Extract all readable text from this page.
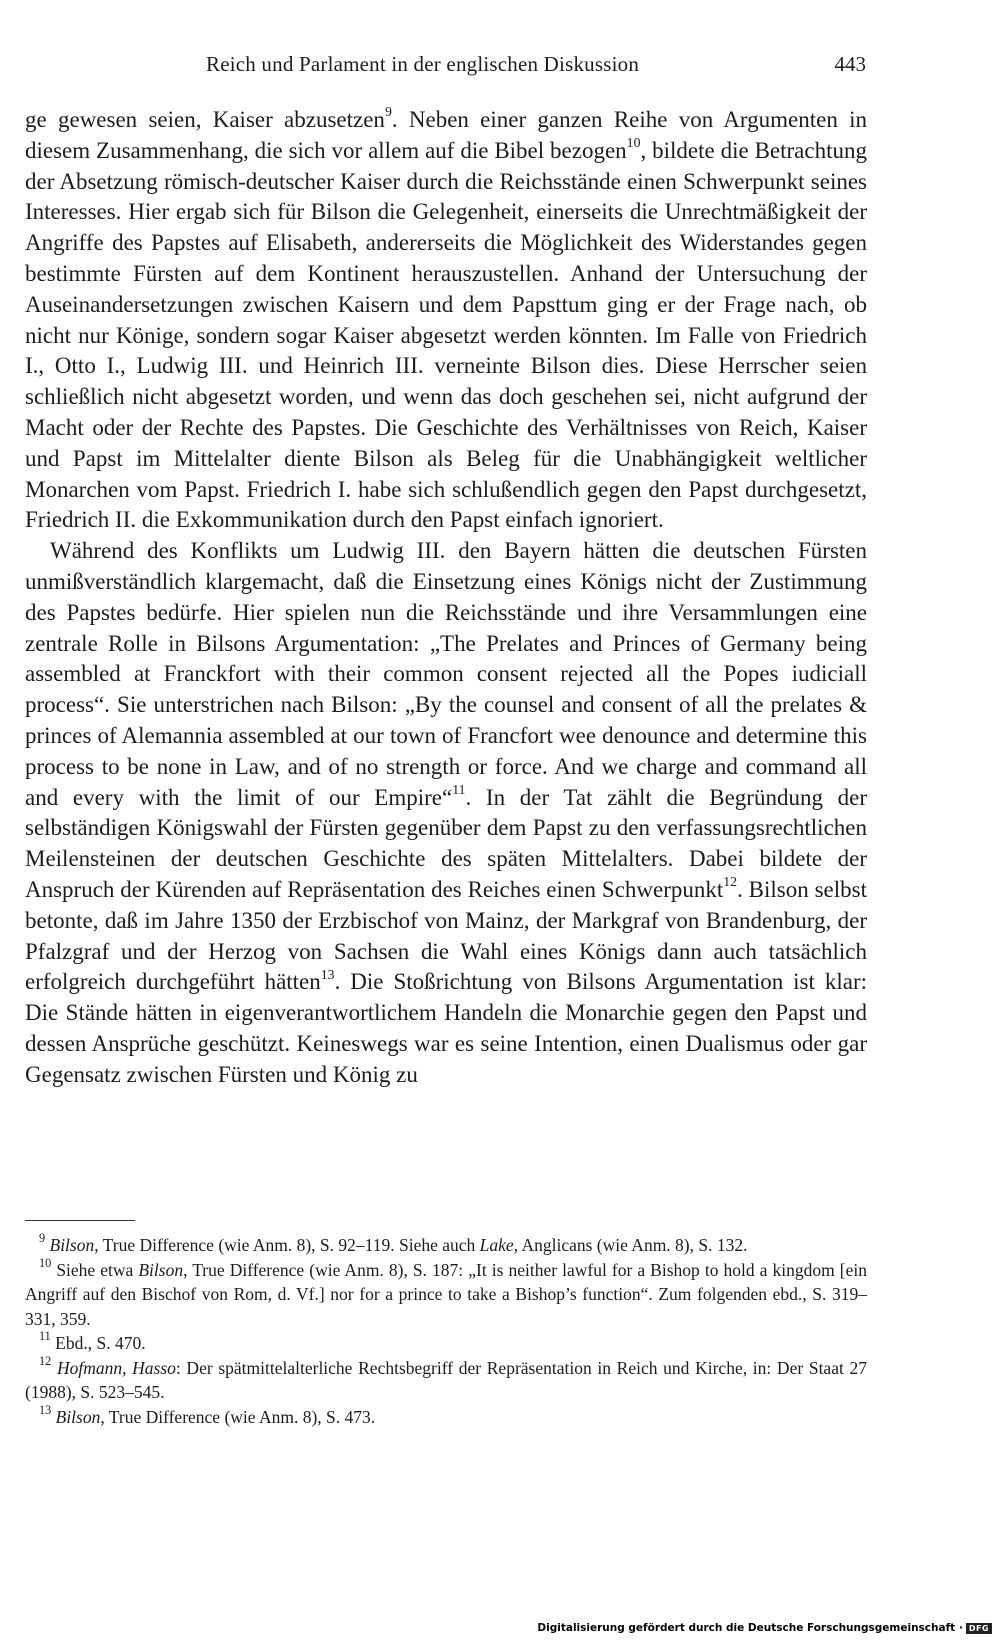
Reich und Parlament in der englischen Diskussion	443

ge gewesen seien, Kaiser abzusetzen$^9$. Neben einer ganzen Reihe von Argumenten in diesem Zusammenhang, die sich vor allem auf die Bibel bezogen$^{10}$, bildete die Betrachtung der Absetzung römisch-deutscher Kaiser durch die Reichsstände einen Schwerpunkt seines Interesses. Hier ergab sich für Bilson die Gelegenheit, einerseits die Unrechtmäßigkeit der Angriffe des Papstes auf Elisabeth, andererseits die Möglichkeit des Widerstandes gegen bestimmte Fürsten auf dem Kontinent herauszustellen. Anhand der Untersuchung der Auseinandersetzungen zwischen Kaisern und dem Papsttum ging er der Frage nach, ob nicht nur Könige, sondern sogar Kaiser abgesetzt werden könnten. Im Falle von Friedrich I., Otto I., Ludwig III. und Heinrich III. verneinte Bilson dies. Diese Herrscher seien schließlich nicht abgesetzt worden, und wenn das doch geschehen sei, nicht aufgrund der Macht oder der Rechte des Papstes. Die Geschichte des Verhältnisses von Reich, Kaiser und Papst im Mittelalter diente Bilson als Beleg für die Unabhängigkeit weltlicher Monarchen vom Papst. Friedrich I. habe sich schlußendlich gegen den Papst durchgesetzt, Friedrich II. die Exkommunikation durch den Papst einfach ignoriert.

Während des Konflikts um Ludwig III. den Bayern hätten die deutschen Fürsten unmißverständlich klargemacht, daß die Einsetzung eines Königs nicht der Zustimmung des Papstes bedürfe. Hier spielen nun die Reichsstände und ihre Versammlungen eine zentrale Rolle in Bilsons Argumentation: „The Prelates and Princes of Germany being assembled at Franckfort with their common consent rejected all the Popes iudiciall process“. Sie unterstrichen nach Bilson: „By the counsel and consent of all the prelates & princes of Alemannia assembled at our town of Francfort wee denounce and determine this process to be none in Law, and of no strength or force. And we charge and command all and every with the limit of our Empire“$^{11}$. In der Tat zählt die Begründung der selbständigen Königswahl der Fürsten gegenüber dem Papst zu den verfassungsrechtlichen Meilensteinen der deutschen Geschichte des späten Mittelalters. Dabei bildete der Anspruch der Kürenden auf Repräsentation des Reiches einen Schwerpunkt$^{12}$. Bilson selbst betonte, daß im Jahre 1350 der Erzbischof von Mainz, der Markgraf von Brandenburg, der Pfalzgraf und der Herzog von Sachsen die Wahl eines Königs dann auch tatsächlich erfolgreich durchgeführt hätten$^{13}$. Die Stoßrichtung von Bilsons Argumentation ist klar: Die Stände hätten in eigenverantwortlichem Handeln die Monarchie gegen den Papst und dessen Ansprüche geschützt. Keineswegs war es seine Intention, einen Dualismus oder gar Gegensatz zwischen Fürsten und König zu

$^9$ Bilson, True Difference (wie Anm. 8), S. 92–119. Siehe auch Lake, Anglicans (wie Anm. 8), S. 132.

$^{10}$ Siehe etwa Bilson, True Difference (wie Anm. 8), S. 187: „It is neither lawful for a Bishop to hold a kingdom [ein Angriff auf den Bischof von Rom, d. Vf.] nor for a prince to take a Bishop’s function“. Zum folgenden ebd., S. 319–331, 359.

$^{11}$ Ebd., S. 470.

$^{12}$ Hofmann, Hasso: Der spätmittelalterliche Rechtsbegriff der Repräsentation in Reich und Kirche, in: Der Staat 27 (1988), S. 523–545.

$^{13}$ Bilson, True Difference (wie Anm. 8), S. 473.

Digitalisierung gefördert durch die Deutsche Forschungsgemeinschaft · DFG
